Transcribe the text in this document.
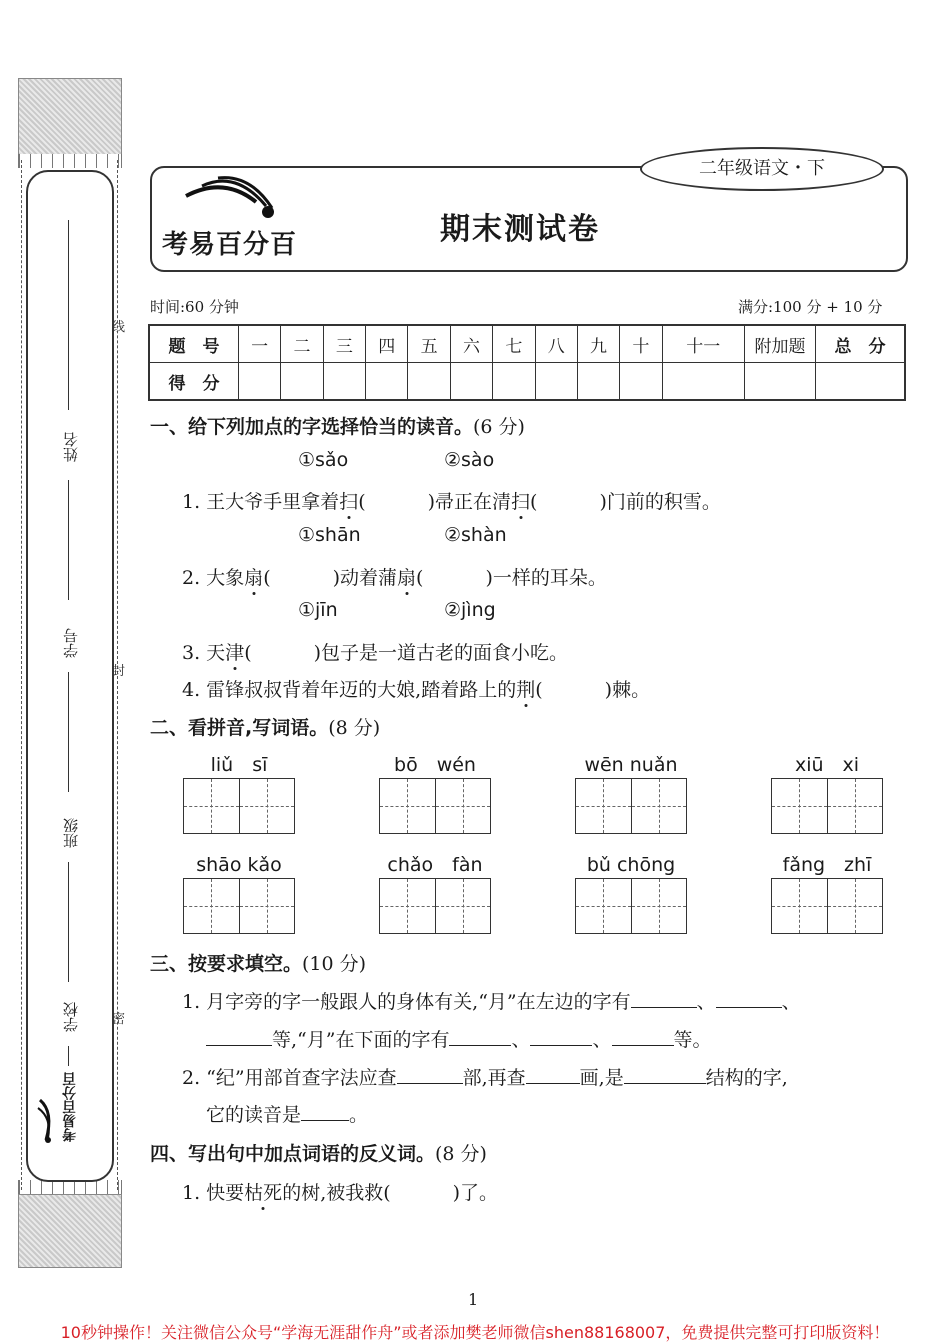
姓名
学号
班级
学校
考易百分百
线
封
密
二年级语文・下
考易百分百	期末测试卷
时间:60 分钟	满分:100 分 + 10 分
题　号	一	二	三	四	五	六	七	八	九	十	十一	附加题	总　分
得　分													
一、给下列加点的字选择恰当的读音。(6 分)
①sǎo	②sào
1. 王大爷手里拿着扫(	)帚正在清扫(	)门前的积雪。
①shān	②shàn
2. 大象扇(	)动着蒲扇(	)一样的耳朵。
①jīn	②jìng
3. 天津(	)包子是一道古老的面食小吃。
4. 雷锋叔叔背着年迈的大娘,踏着路上的荆(	)棘。
二、看拼音,写词语。(8 分)
liǔ　sī	bō　wén	wēn nuǎn	xiū　xi
shāo kǎo	chǎo　fàn	bǔ chōng	fǎng　zhī
三、按要求填空。(10 分)
1. 月字旁的字一般跟人的身体有关,“月”在左边的字有	、	、
等,“月”在下面的字有	、	、	等。
2. “纪”用部首查字法应查	部,再查	画,是	结构的字,
它的读音是	。
四、写出句中加点词语的反义词。(8 分)
1. 快要枯死的树,被我救(	)了。
1
10秒钟操作！关注微信公众号“学海无涯甜作舟”或者添加樊老师微信shen88168007，免费提供完整可打印版资料！
